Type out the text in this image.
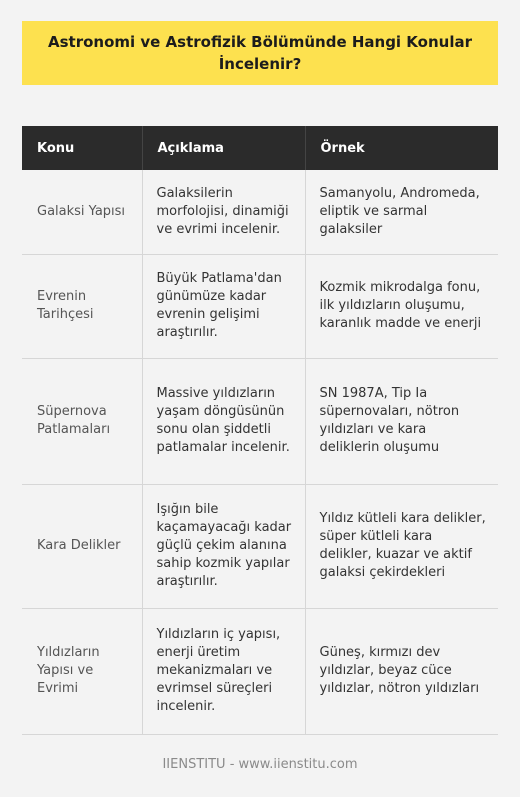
Astronomi ve Astrofizik Bölümünde Hangi Konular İncelenir?
Konu	Açıklama	Örnek
Galaksi Yapısı	Galaksilerin morfolojisi, dinamiği ve evrimi incelenir.	Samanyolu, Andromeda, eliptik ve sarmal galaksiler
Evrenin Tarihçesi	Büyük Patlama'dan günümüze kadar evrenin gelişimi araştırılır.	Kozmik mikrodalga fonu, ilk yıldızların oluşumu, karanlık madde ve enerji
Süpernova Patlamaları	Massive yıldızların yaşam döngüsünün sonu olan şiddetli patlamalar incelenir.	SN 1987A, Tip Ia süpernovaları, nötron yıldızları ve kara deliklerin oluşumu
Kara Delikler	Işığın bile kaçamayacağı kadar güçlü çekim alanına sahip kozmik yapılar araştırılır.	Yıldız kütleli kara delikler, süper kütleli kara delikler, kuazar ve aktif galaksi çekirdekleri
Yıldızların Yapısı ve Evrimi	Yıldızların iç yapısı, enerji üretim mekanizmaları ve evrimsel süreçleri incelenir.	Güneş, kırmızı dev yıldızlar, beyaz cüce yıldızlar, nötron yıldızları
IIENSTITU - www.iienstitu.com
